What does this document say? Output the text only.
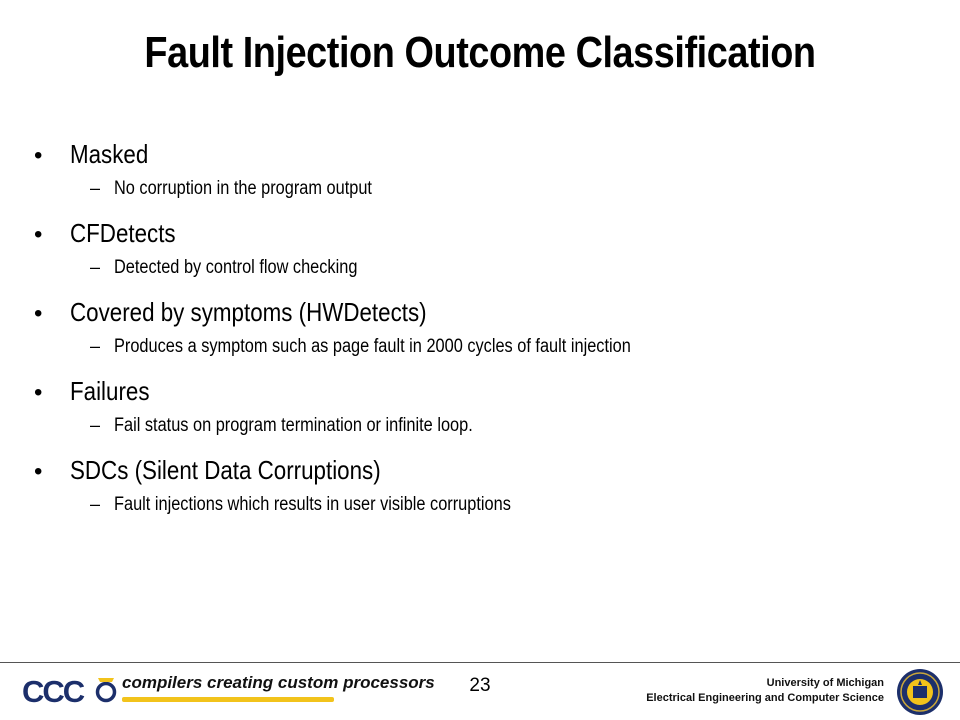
Fault Injection Outcome Classification
•	Masked
– No corruption in the program output
•	CFDetects
– Detected by control flow checking
•	Covered by symptoms (HWDetects)
– Produces a symptom such as page fault in 2000 cycles of fault injection
•	Failures
– Fail status on program termination or infinite loop.
•	SDCs (Silent Data Corruptions)
– Fault injections which results in user visible corruptions
CCC compilers creating custom processors	23	University of Michigan
Electrical Engineering and Computer Science
